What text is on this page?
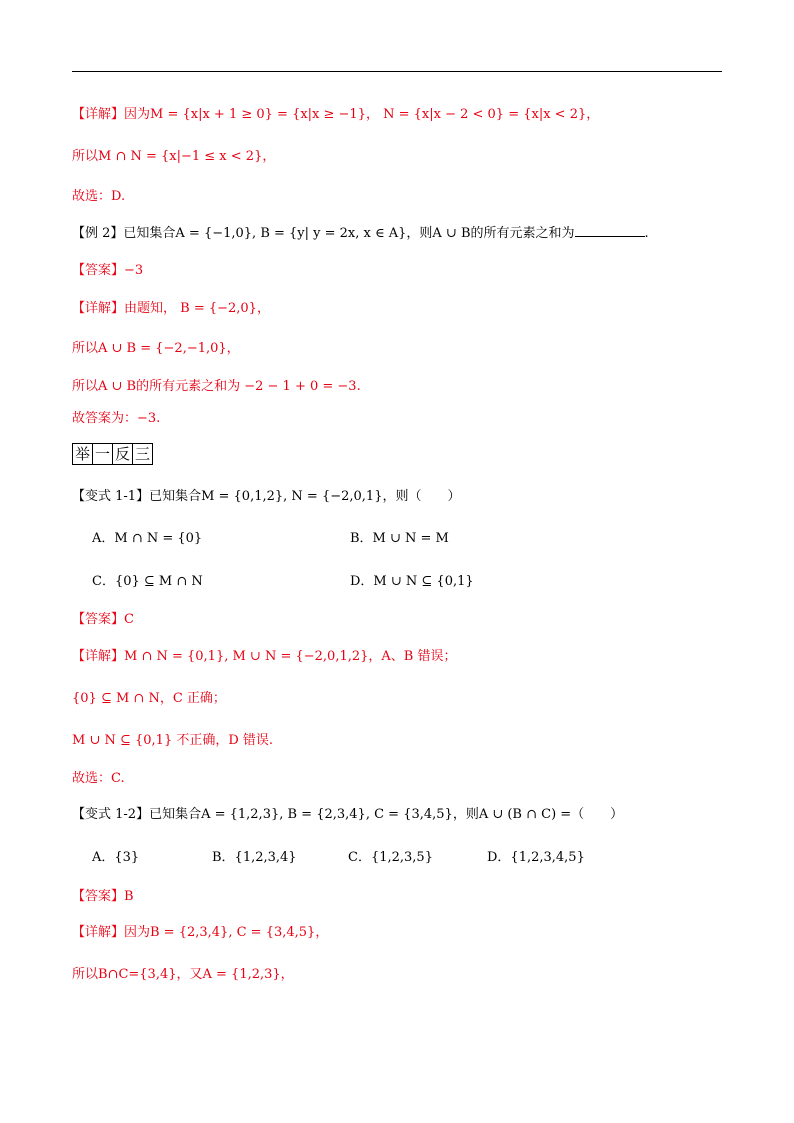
【详解】因为M = {x|x + 1 ≥ 0} = {x|x ≥ −1}， N = {x|x − 2 < 0} = {x|x < 2}，
所以M ∩ N = {x|−1 ≤ x < 2}，
故选：D.
【例 2】已知集合A = {−1,0}, B = {y| y = 2x, x ∈ A}，则A ∪ B的所有元素之和为	.
【答案】−3
【详解】由题知， B = {−2,0}，
所以A ∪ B = {−2,−1,0}，
所以A ∪ B的所有元素之和为 −2 − 1 + 0 = −3.
故答案为：−3.
举 一 反 三
【变式 1-1】已知集合M = {0,1,2}, N = {−2,0,1}，则（　　）
A．M ∩ N = {0}	B．M ∪ N = M
C．{0} ⊆ M ∩ N	D．M ∪ N ⊆ {0,1}
【答案】C
【详解】M ∩ N = {0,1}, M ∪ N = {−2,0,1,2}，A、B 错误；
{0} ⊆ M ∩ N，C 正确；
M ∪ N ⊆ {0,1} 不正确，D 错误.
故选：C.
【变式 1-2】已知集合A = {1,2,3}, B = {2,3,4}, C = {3,4,5}，则A ∪ (B ∩ C) =（　　）
A．{3}	B．{1,2,3,4}	C．{1,2,3,5}	D．{1,2,3,4,5}
【答案】B
【详解】因为B = {2,3,4}, C = {3,4,5}，
所以B∩C={3,4}，又A = {1,2,3}，
